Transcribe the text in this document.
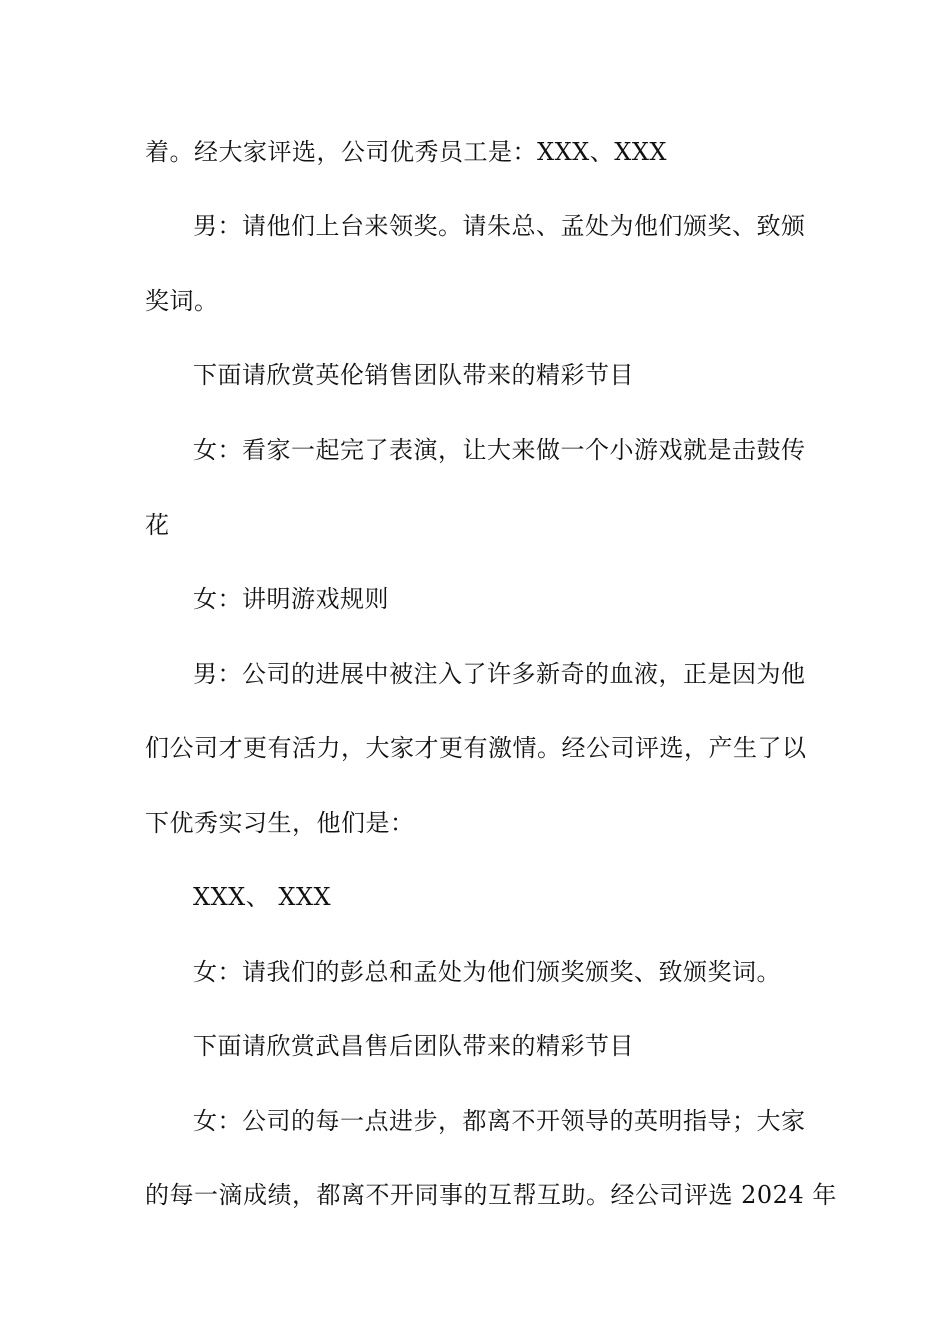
着。经大家评选，公司优秀员工是：XXX、XXX
男：请他们上台来领奖。请朱总、孟处为他们颁奖、致颁
奖词。
下面请欣赏英伦销售团队带来的精彩节目
女：看家一起完了表演，让大来做一个小游戏就是击鼓传
花
女：讲明游戏规则
男：公司的进展中被注入了许多新奇的血液，正是因为他
们公司才更有活力，大家才更有激情。经公司评选，产生了以
下优秀实习生，他们是：
XXX、 XXX
女：请我们的彭总和孟处为他们颁奖颁奖、致颁奖词。
下面请欣赏武昌售后团队带来的精彩节目
女：公司的每一点进步，都离不开领导的英明指导；大家
的每一滴成绩，都离不开同事的互帮互助。经公司评选 2024 年
